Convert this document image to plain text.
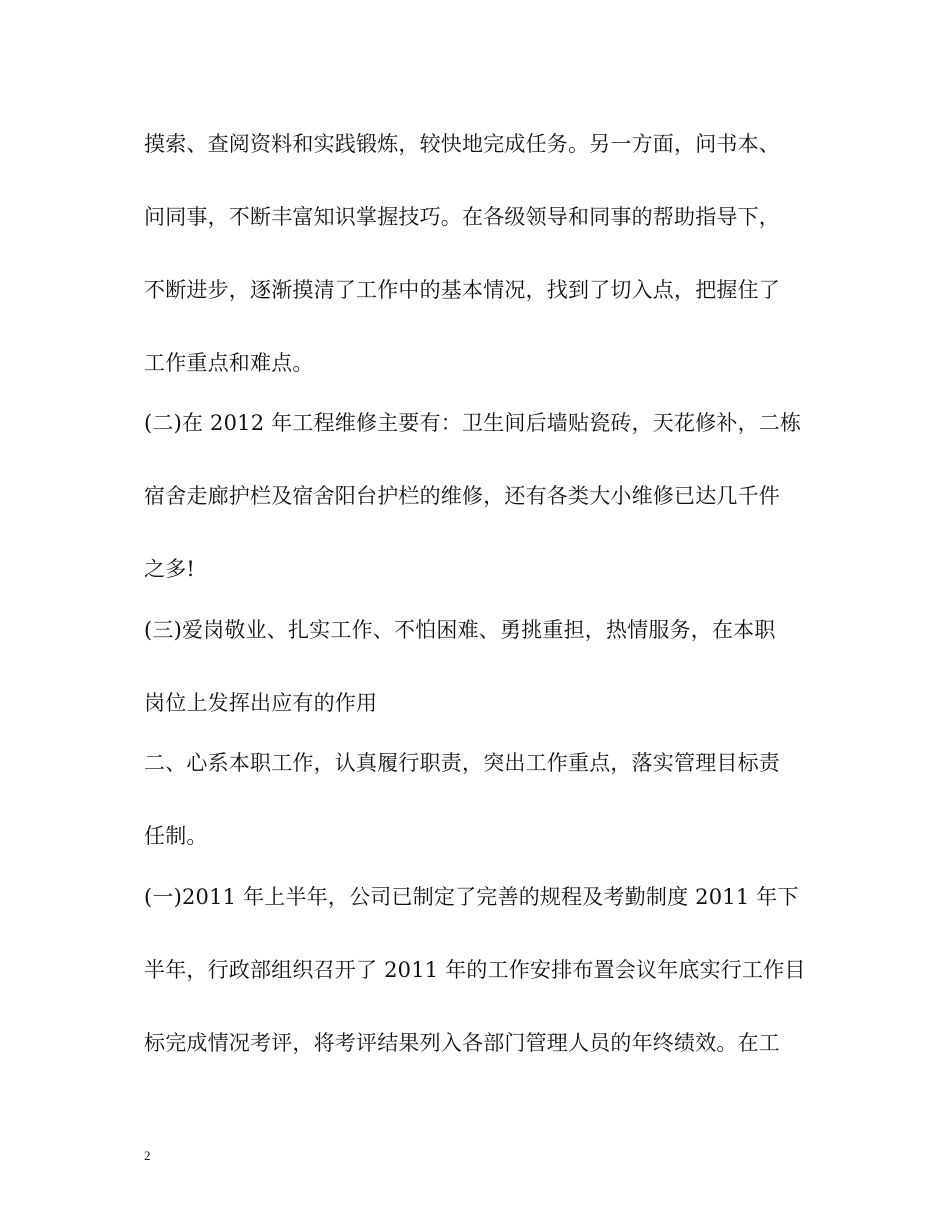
摸索、查阅资料和实践锻炼，较快地完成任务。另一方面，问书本、
问同事，不断丰富知识掌握技巧。在各级领导和同事的帮助指导下，
不断进步，逐渐摸清了工作中的基本情况，找到了切入点，把握住了
工作重点和难点。
(二)在 2012 年工程维修主要有：卫生间后墙贴瓷砖，天花修补，二栋
宿舍走廊护栏及宿舍阳台护栏的维修，还有各类大小维修已达几千件
之多!
(三)爱岗敬业、扎实工作、不怕困难、勇挑重担，热情服务，在本职
岗位上发挥出应有的作用
二、心系本职工作，认真履行职责，突出工作重点，落实管理目标责
任制。
(一)2011 年上半年，公司已制定了完善的规程及考勤制度 2011 年下
半年，行政部组织召开了 2011 年的工作安排布置会议年底实行工作目
标完成情况考评，将考评结果列入各部门管理人员的年终绩效。在工
2
